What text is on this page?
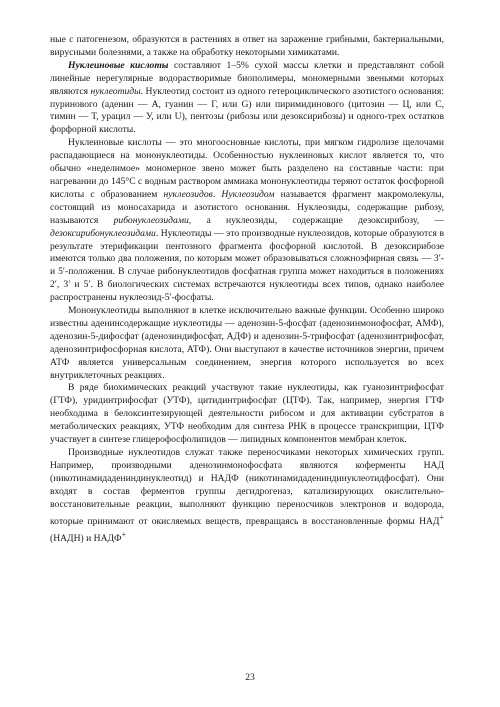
ные с патогенезом, образуются в растениях в ответ на заражение грибными, бактериальными, вирусными болезнями, а также на обработку некоторыми химикатами.

Нуклеиновые кислоты составляют 1–5% сухой массы клетки и представляют собой линейные нерегулярные водорастворимые биополимеры, мономерными звеньями которых являются нуклеотиды. Нуклеотид состоит из одного гетероциклического азотистого основания: пуринового (аденин — А, гуанин — Г, или G) или пиримидинового (цитозин — Ц, или C, тимин — Т, урацил — У, или U), пентозы (рибозы или дезоксирибозы) и одного-трех остатков форфорной кислоты.

Нуклеиновые кислоты — это многоосновные кислоты, при мягком гидролизе щелочами распадающиеся на мононуклеотиды. Особенностью нуклеиновых кислот является то, что обычно «неделимое» мономерное звено может быть разделено на составные части: при нагревании до 145°C с водным раствором аммиака мононуклеотиды теряют остаток фосфорной кислоты с образованием нуклеозидов. Нуклеозидом называется фрагмент макромолекулы, состоящий из моносахарида и азотистого основания. Нуклеозиды, содержащие рибозу, называются рибонуклеозидами, а нуклеозиды, содержащие дезоксирибозу, — дезоксирибонуклеозидами. Нуклеотиды — это производные нуклеозидов, которые образуются в результате этерификации пентозного фрагмента фосфорной кислотой. В дезоксирибозе имеются только два положения, по которым может образовываться сложноэфирная связь — 3′- и 5′-положения. В случае рибонуклеотидов фосфатная группа может находиться в положениях 2′, 3′ и 5′. В биологических системах встречаются нуклеотиды всех типов, однако наиболее распространены нуклеозид-5′-фосфаты.

Мононуклеотиды выполняют в клетке исключительно важные функции. Особенно широко известны аденинсодержащие нуклеотиды — аденозин-5-фосфат (аденозинмонофосфат, АМФ), аденозин-5-дифосфат (аденозиндифосфат, АДФ) и аденозин-5-трифосфат (аденозинтрифосфат, аденозинтрифосфорная кислота, АТФ). Они выступают в качестве источников энергии, причем АТФ является универсальным соединением, энергия которого используется во всех внутриклеточных реакциях.

В ряде биохимических реакций участвуют такие нуклеотиды, как гуанозинтрифосфат (ГТФ), уридинтрифосфат (УТФ), цитидинтрифосфат (ЦТФ). Так, например, энергия ГТФ необходима в белоксинтезирующей деятельности рибосом и для активации субстратов в метаболических реакциях, УТФ необходим для синтеза РНК в процессе транскрипции, ЦТФ участвует в синтезе глицерофосфолипидов — липидных компонентов мембран клеток.

Производные нуклеотидов служат также переносчиками некоторых химических групп. Например, производными аденозинмонофосфата являются коферменты НАД (никотинамидадениндинуклеотид) и НАДФ (никотинамидадениндинуклеотидфосфат). Они входят в состав ферментов группы дегидрогеназ, катализирующих окислительно-восстановительные реакции, выполняют функцию переносчиков электронов и водорода, которые принимают от окисляемых веществ, превращаясь в восстановленные формы НАД+ (НАДН) и НАДФ+

23
